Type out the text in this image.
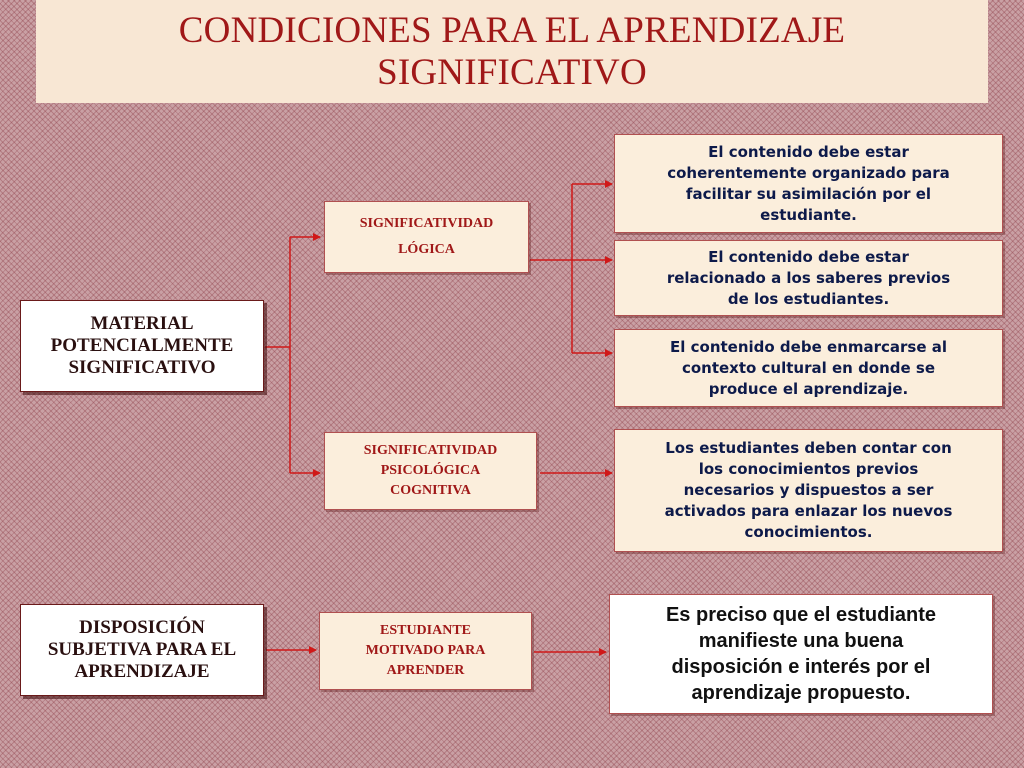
CONDICIONES PARA EL APRENDIZAJE
SIGNIFICATIVO
MATERIAL
POTENCIALMENTE
SIGNIFICATIVO
SIGNIFICATIVIDAD
LÓGICA
SIGNIFICATIVIDAD
PSICOLÓGICA
COGNITIVA
El contenido debe estar
coherentemente organizado para
facilitar su asimilación por el
estudiante.
El contenido debe estar
relacionado a los saberes previos
de los estudiantes.
El contenido debe enmarcarse al
contexto cultural en donde se
produce el aprendizaje.
Los estudiantes deben contar con
los conocimientos previos
necesarios y dispuestos a ser
activados para enlazar los nuevos
conocimientos.
DISPOSICIÓN
SUBJETIVA PARA EL
APRENDIZAJE
ESTUDIANTE
MOTIVADO PARA
APRENDER
Es preciso que el estudiante
manifieste una buena
disposición e interés por el
aprendizaje propuesto.
